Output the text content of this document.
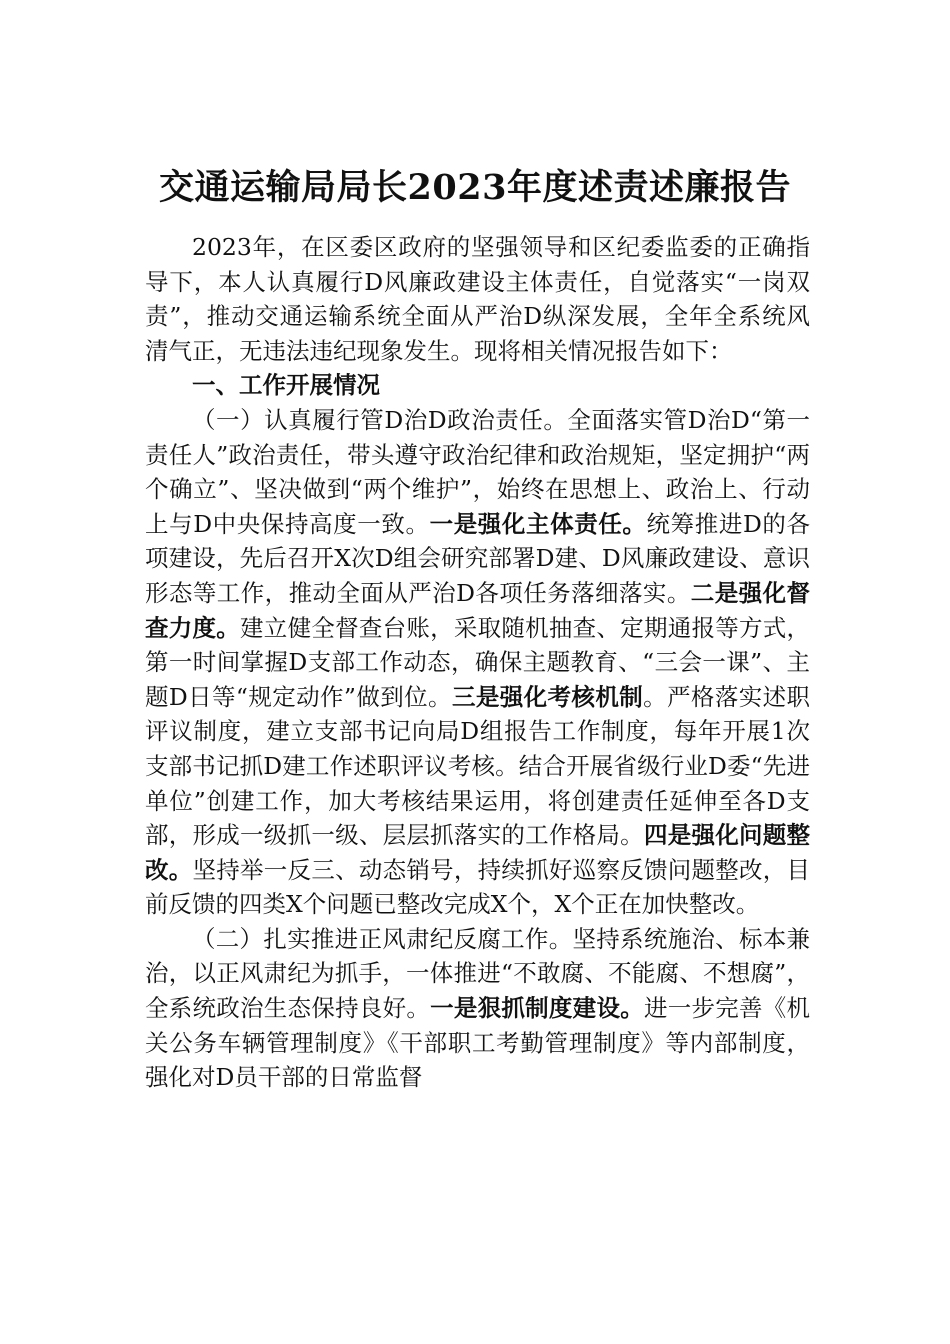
交通运输局局长2023年度述责述廉报告

2023年，在区委区政府的坚强领导和区纪委监委的正确指导下，本人认真履行D风廉政建设主体责任，自觉落实“一岗双责”，推动交通运输系统全面从严治D纵深发展，全年全系统风清气正，无违法违纪现象发生。现将相关情况报告如下：

一、工作开展情况

（一）认真履行管D治D政治责任。全面落实管D治D“第一责任人”政治责任，带头遵守政治纪律和政治规矩，坚定拥护“两个确立”、坚决做到“两个维护”，始终在思想上、政治上、行动上与D中央保持高度一致。一是强化主体责任。统筹推进D的各项建设，先后召开X次D组会研究部署D建、D风廉政建设、意识形态等工作，推动全面从严治D各项任务落细落实。二是强化督查力度。建立健全督查台账，采取随机抽查、定期通报等方式，第一时间掌握D支部工作动态，确保主题教育、“三会一课”、主题D日等“规定动作”做到位。三是强化考核机制。严格落实述职评议制度，建立支部书记向局D组报告工作制度，每年开展1次支部书记抓D建工作述职评议考核。结合开展省级行业D委“先进单位”创建工作，加大考核结果运用，将创建责任延伸至各D支部，形成一级抓一级、层层抓落实的工作格局。四是强化问题整改。坚持举一反三、动态销号，持续抓好巡察反馈问题整改，目前反馈的四类X个问题已整改完成X个，X个正在加快整改。

（二）扎实推进正风肃纪反腐工作。坚持系统施治、标本兼治，以正风肃纪为抓手，一体推进“不敢腐、不能腐、不想腐”，全系统政治生态保持良好。一是狠抓制度建设。进一步完善《机关公务车辆管理制度》《干部职工考勤管理制度》等内部制度，强化对D员干部的日常监督
